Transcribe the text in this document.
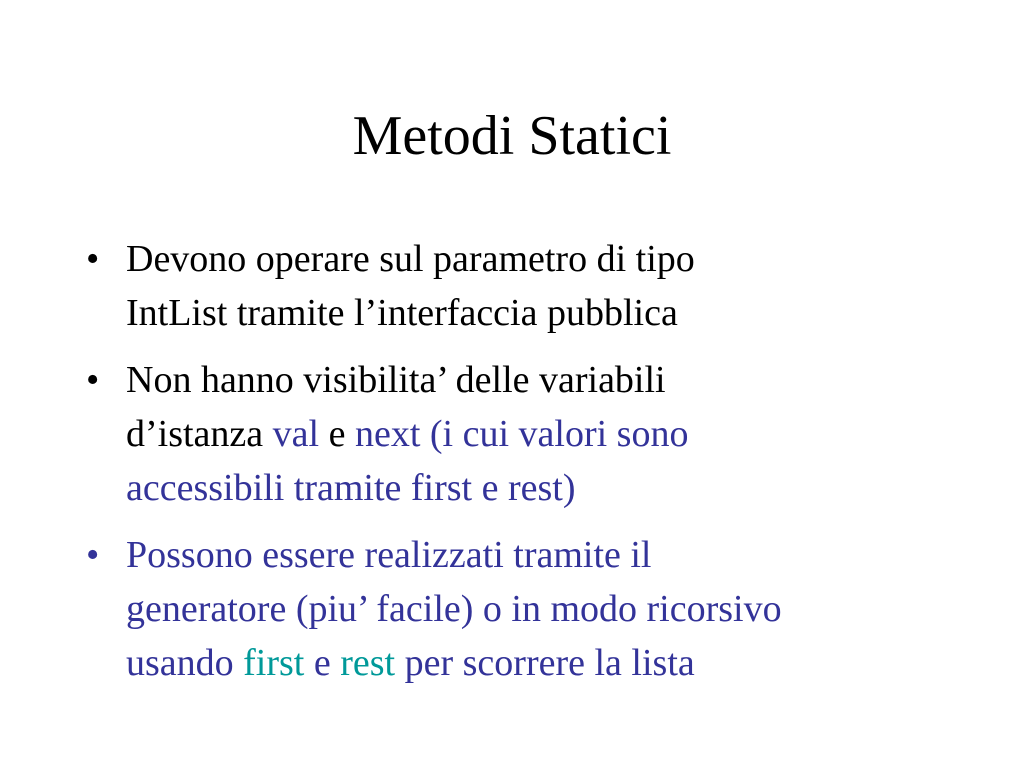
Metodi Statici
• Devono operare sul parametro di tipo
IntList tramite l’interfaccia pubblica
• Non hanno visibilita’ delle variabili
d’istanza val e next (i cui valori sono
accessibili tramite first e rest)
• Possono essere realizzati tramite il
generatore (piu’ facile) o in modo ricorsivo
usando first e rest per scorrere la lista
